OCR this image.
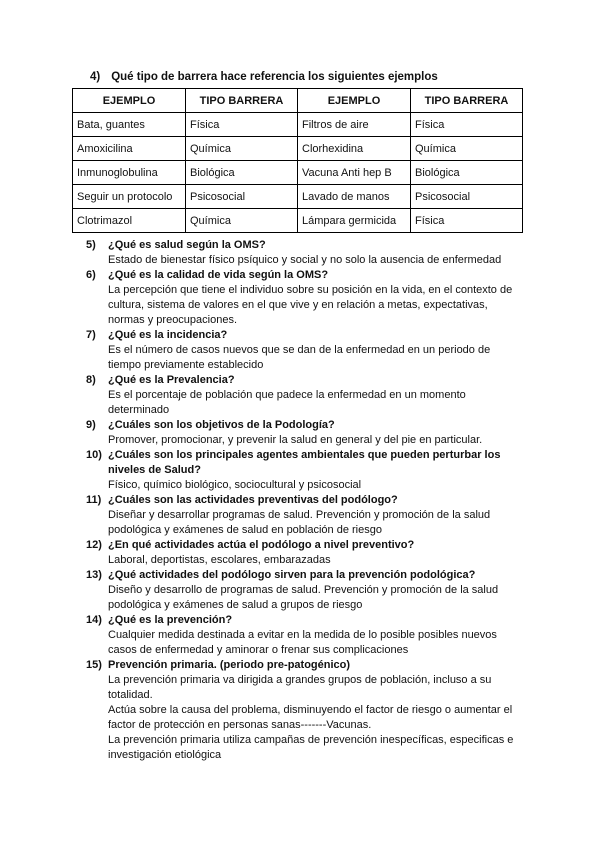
4) Qué tipo de barrera hace referencia los siguientes ejemplos
EJEMPLO	TIPO BARRERA	EJEMPLO	TIPO BARRERA
Bata, guantes	Física	Filtros de aire	Física
Amoxicilina	Química	Clorhexidina	Química
Inmunoglobulina	Biológica	Vacuna Anti hep B	Biológica
Seguir un protocolo	Psicosocial	Lavado de manos	Psicosocial
Clotrimazol	Química	Lámpara germicida	Física
5)	¿Qué es salud según la OMS?

Estado de bienestar físico psíquico y social y no solo la ausencia de enfermedad

6)	¿Qué es la calidad de vida según la OMS?

La percepción que tiene el individuo sobre su posición en la vida, en el contexto de cultura, sistema de valores en el que vive y en relación a metas, expectativas, normas y preocupaciones.

7)	¿Qué es la incidencia?

Es el número de casos nuevos que se dan de la enfermedad en un periodo de tiempo previamente establecido

8)	¿Qué es la Prevalencia?

Es el porcentaje de población que padece la enfermedad en un momento determinado

9)	¿Cuáles son los objetivos de la Podología?

Promover, promocionar, y prevenir la salud en general y del pie en particular.

10) ¿Cuáles son los principales agentes ambientales que pueden perturbar los niveles de Salud?

Físico, químico biológico, sociocultural y psicosocial

11) ¿Cuáles son las actividades preventivas del podólogo?

Diseñar y desarrollar programas de salud. Prevención y promoción de la salud podológica y exámenes de salud en población de riesgo

12) ¿En qué actividades actúa el podólogo a nivel preventivo?

Laboral, deportistas, escolares, embarazadas

13) ¿Qué actividades del podólogo sirven para la prevención podológica?

Diseño y desarrollo de programas de salud. Prevención y promoción de la salud podológica y exámenes de salud a grupos de riesgo

14) ¿Qué es la prevención?

Cualquier medida destinada a evitar en la medida de lo posible posibles nuevos casos de enfermedad y aminorar o frenar sus complicaciones

15) Prevención primaria. (periodo pre-patogénico)

La prevención primaria va dirigida a grandes grupos de población, incluso a su totalidad.

Actúa sobre la causa del problema, disminuyendo el factor de riesgo o aumentar el factor de protección en personas sanas-------Vacunas.

La prevención primaria utiliza campañas de prevención inespecíficas, especificas e investigación etiológica
